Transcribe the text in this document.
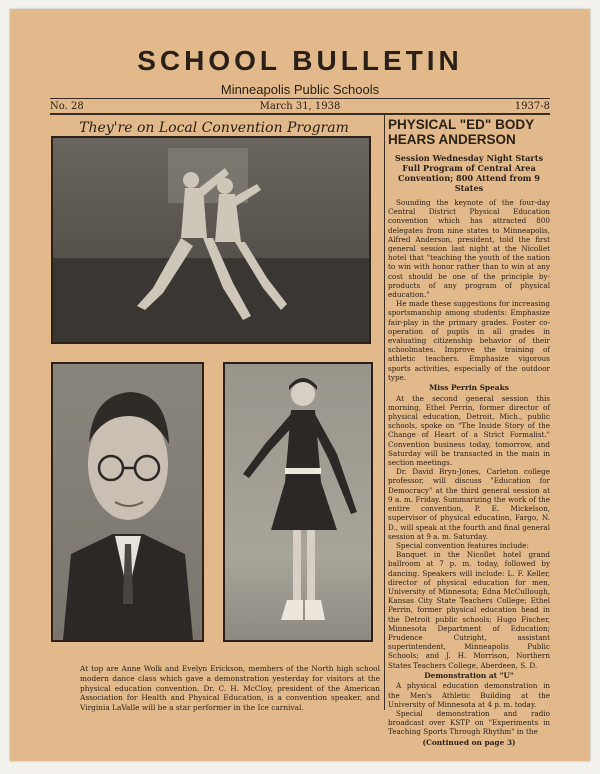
SCHOOL BULLETIN
Minneapolis Public Schools
No. 28	March 31, 1938	1937-8
They're on Local Convention Program

At top are Anne Wolk and Evelyn Erickson, members of the North high school modern dance class which gave a demonstration yesterday for visitors at the physical education convention. Dr. C. H. McCloy, president of the American Association for Health and Physical Education, is a convention speaker, and Virginia LaValle will be a star performer in the Ice carnival.

PHYSICAL "ED" BODY HEARS ANDERSON

Session Wednesday Night Starts Full Program of Central Area Convention; 800 Attend from 9 States

Sounding the keynote of the four-day Central District Physical Education convention which has attracted 800 delegates from nine states to Minneapolis, Alfred Anderson, president, told the first general session last night at the Nicollet hotel that "teaching the youth of the nation to win with honor rather than to win at any cost should be one of the principle by-products of any program of physical education."

He made these suggestions for increasing sportsmanship among students: Emphasize fair-play in the primary grades. Foster co-operation of pupils in all grades in evaluating citizenship behavior of their schoolmates. Improve the training of athletic teachers. Emphasize vigorous sports activities, especially of the outdoor type.

Miss Perrin Speaks

At the second general session this morning, Ethel Perrin, former director of physical education, Detroit, Mich., public schools, spoke on "The Inside Story of the Change of Heart of a Strict Formalist." Convention business today, tomorrow, and Saturday will be transacted in the main in section meetings.

Dr. David Bryn-Jones, Carleton college professor, will discuss "Education for Democracy" at the third general session at 9 a. m. Friday. Summarizing the work of the entire convention, P. E. Mickelson, supervisor of physical education, Fargo, N. D., will speak at the fourth and final general session at 9 a. m. Saturday.

Special convention features include:

Banquet in the Nicollet hotel grand ballroom at 7 p. m. today, followed by dancing. Speakers will include: L. F. Keller, director of physical education for men, University of Minnesota; Edna McCullough, Kansas City State Teachers College; Ethel Perrin, former physical education head in the Detroit public schools; Hugo Fischer, Minnesota Department of Education; Prudence Cutright, assistant superintendent, Minneapolis Public Schools; and J. H. Morrison, Northern States Teachers College, Aberdeen, S. D.

Demonstration at "U"

A physical education demonstration in the Men's Athletic Building at the University of Minnesota at 4 p. m. today.

Special demonstration and radio broadcast over KSTP on "Experiments in Teaching Sports Through Rhythm" in the

(Continued on page 3)
